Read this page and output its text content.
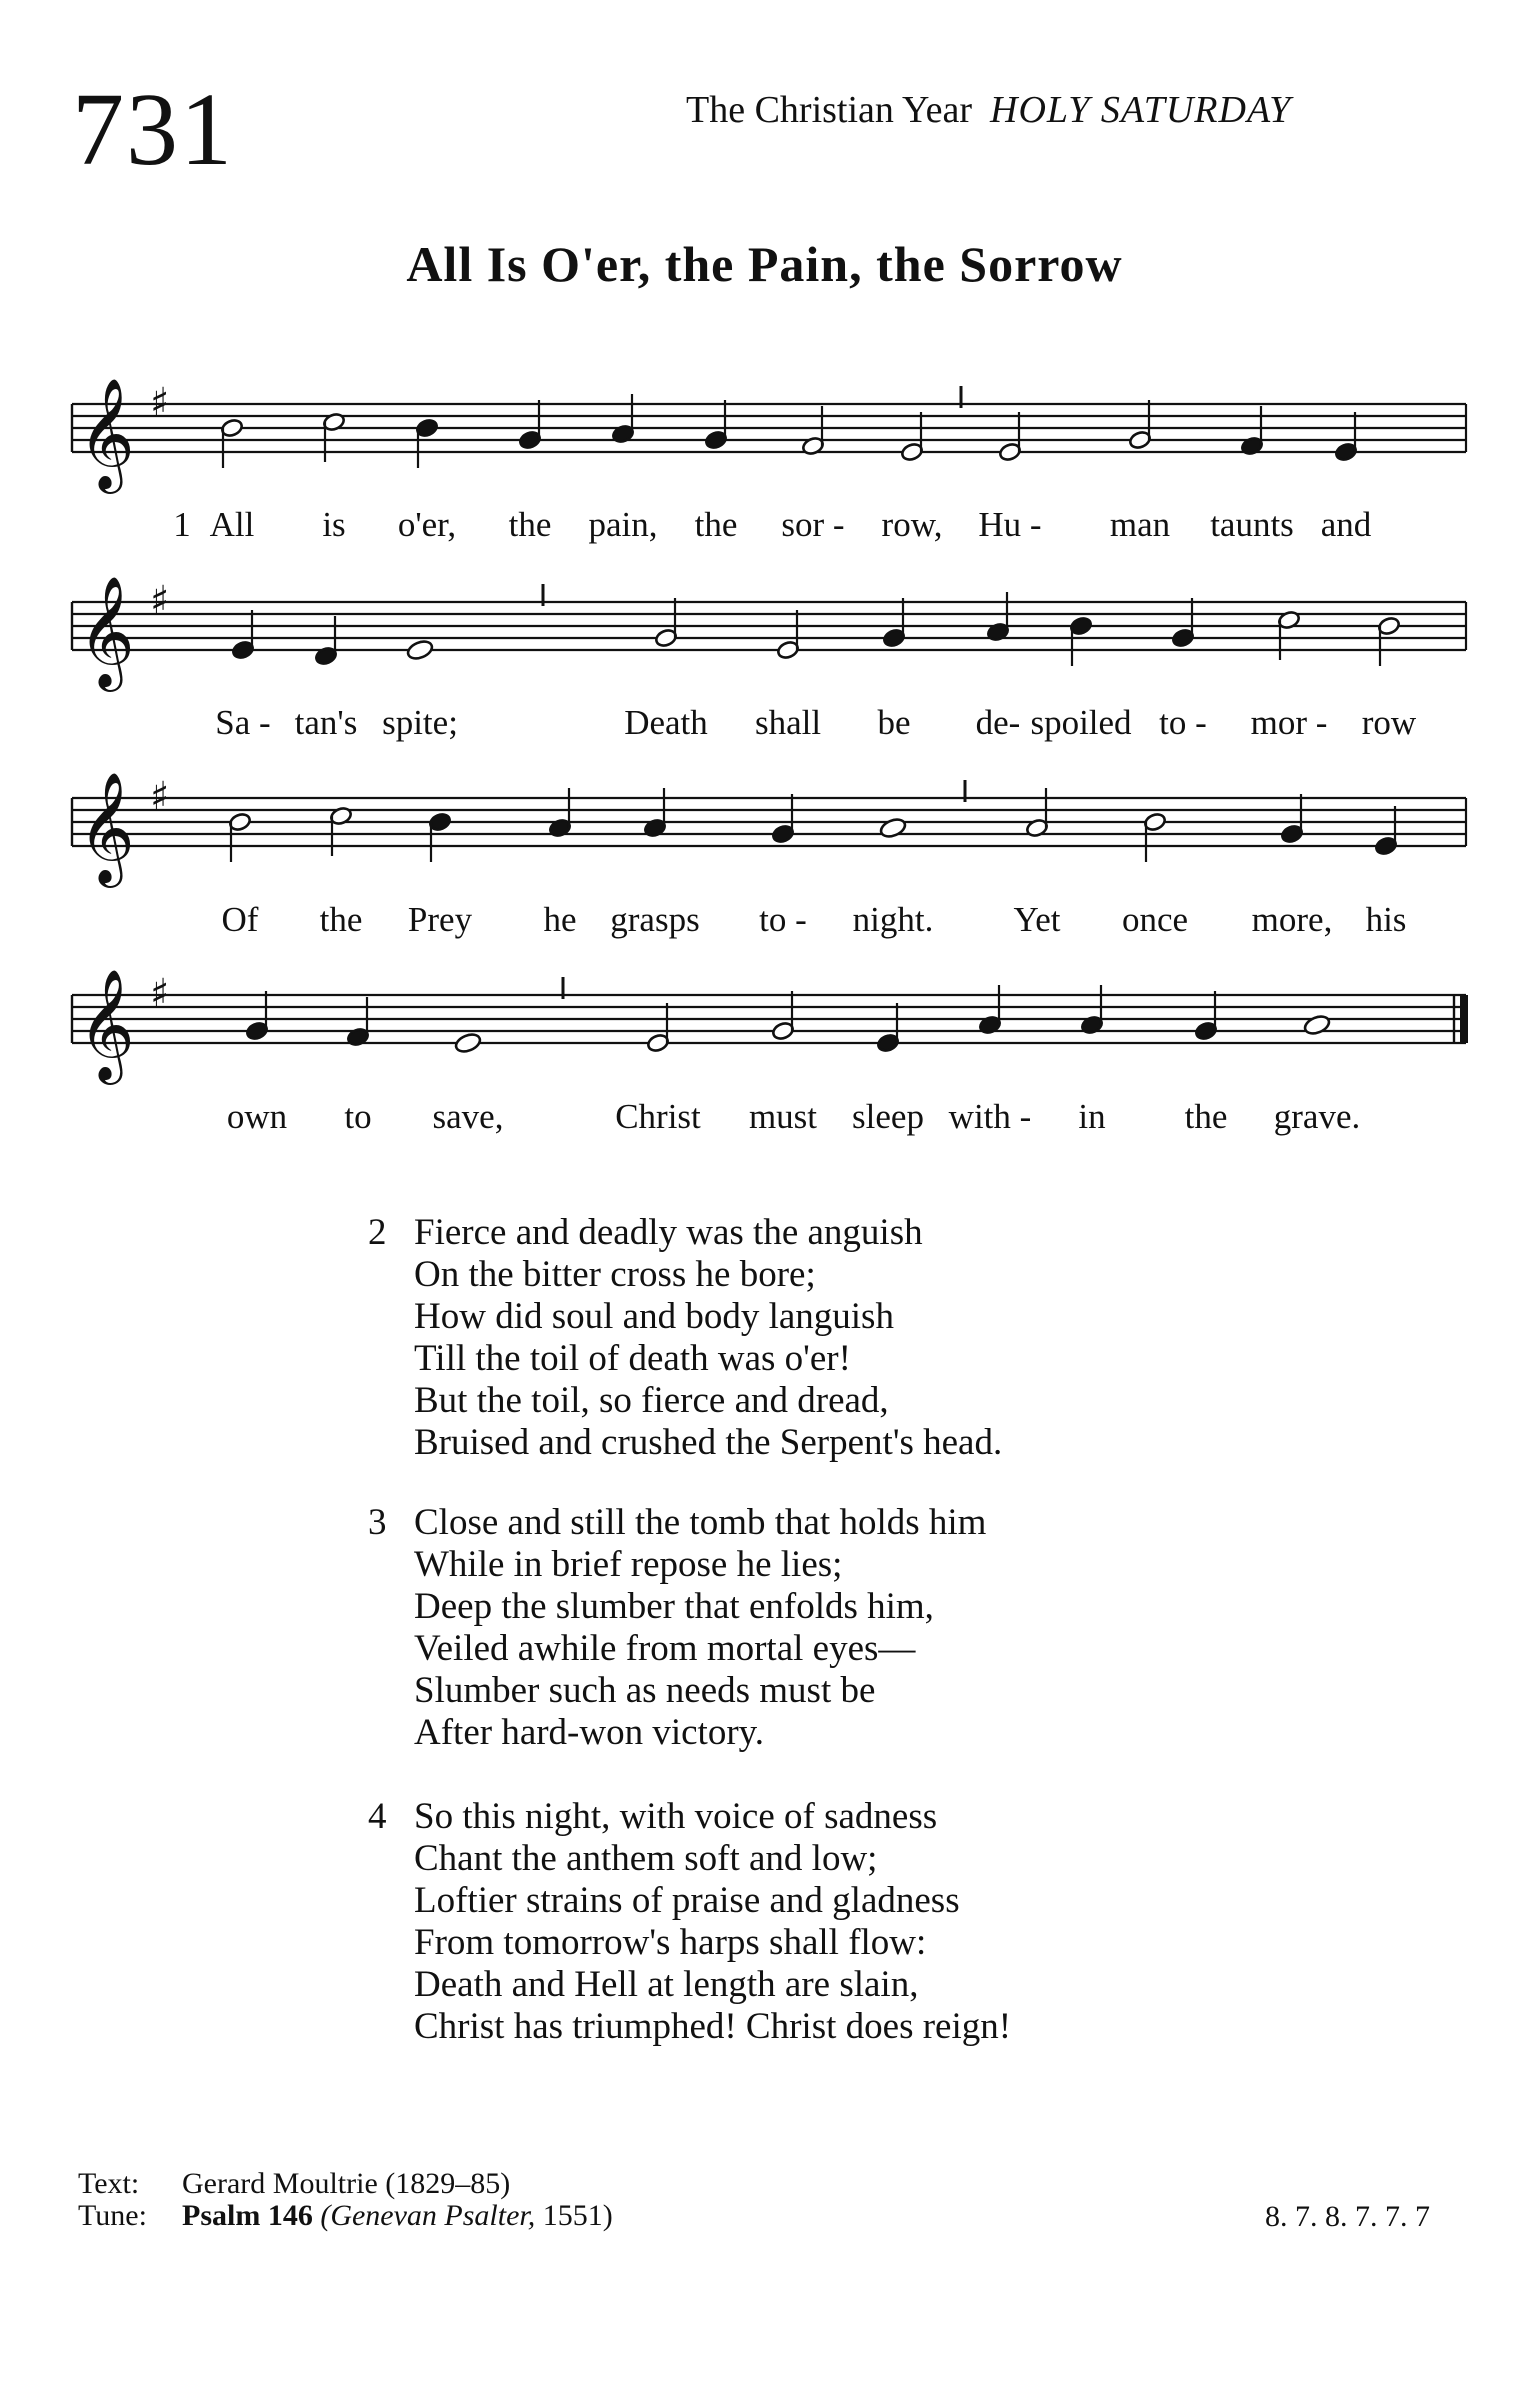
731	The Christian Year HOLY SATURDAY
All Is O'er, the Pain, the Sorrow
𝄞 ♯
𝄞 ♯
𝄞 ♯
𝄞 ♯
All is o'er, the pain, the sor - row, Hu - man taunts and
1
Sa - tan's spite;	Death shall be de- spoiled to - mor - row
Of the Prey he grasps to - night. Yet once more, his
own to save,	Christ must sleep with - in the grave.
2 Fierce and deadly was the anguish
On the bitter cross he bore;
How did soul and body languish
Till the toil of death was o'er!
But the toil, so fierce and dread,
Bruised and crushed the Serpent's head.
3 Close and still the tomb that holds him
While in brief repose he lies;
Deep the slumber that enfolds him,
Veiled awhile from mortal eyes—
Slumber such as needs must be
After hard-won victory.
4 So this night, with voice of sadness
Chant the anthem soft and low;
Loftier strains of praise and gladness
From tomorrow's harps shall flow:
Death and Hell at length are slain,
Christ has triumphed! Christ does reign!
Text: Gerard Moultrie (1829–85)
Tune: Psalm 146 (Genevan Psalter, 1551)	8. 7. 8. 7. 7. 7
